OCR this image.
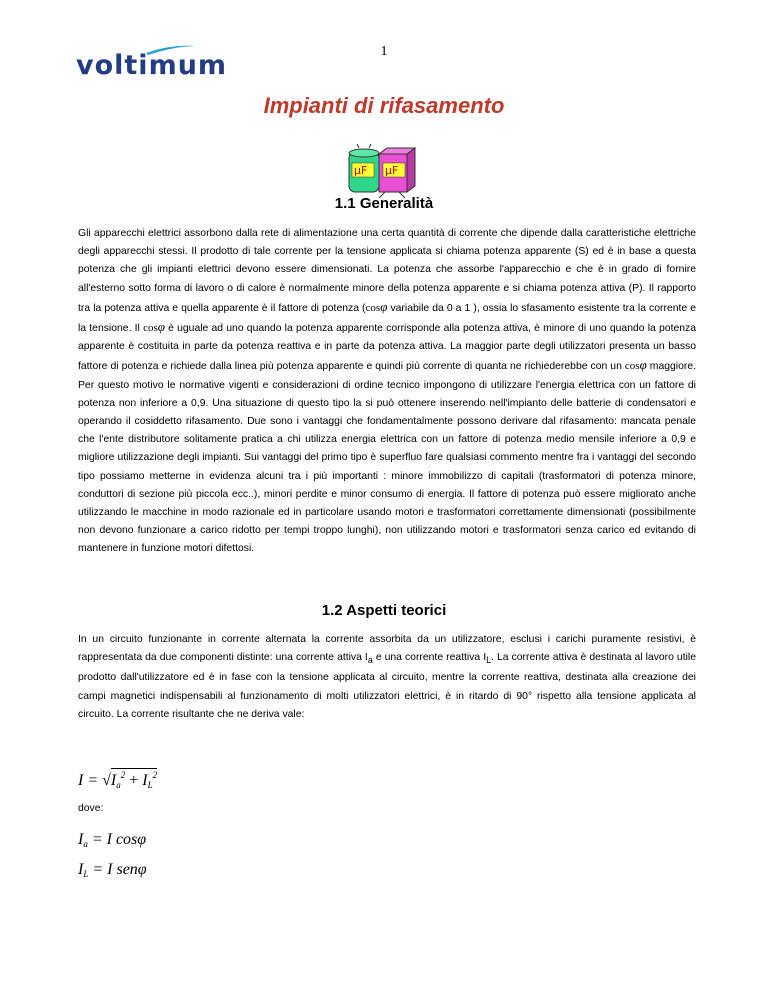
1
voltimum
Impianti di rifasamento
µF µF
1.1 Generalità

Gli apparecchi elettrici assorbono dalla rete di alimentazione una certa quantità di corrente che dipende dalla caratteristiche elettriche degli apparecchi stessi. Il prodotto di tale corrente per la tensione applicata si chiama potenza apparente (S) ed è in base a questa potenza che gli impianti elettrici devono essere dimensionati. La potenza che assorbe l'apparecchio e che è in grado di fornire all'esterno sotto forma di lavoro o di calore è normalmente minore della potenza apparente e si chiama potenza attiva (P). Il rapporto tra la potenza attiva e quella apparente è il fattore di potenza (cosφ variabile da 0 a 1 ), ossia lo sfasamento esistente tra la corrente e la tensione. Il cosφ è uguale ad uno quando la potenza apparente corrisponde alla potenza attiva, è minore di uno quando la potenza apparente è costituita in parte da potenza reattiva e in parte da potenza attiva. La maggior parte degli utilizzatori presenta un basso fattore di potenza e richiede dalla linea più potenza apparente e quindi più corrente di quanta ne richiederebbe con un cosφ maggiore. Per questo motivo le normative vigenti e considerazioni di ordine tecnico impongono di utilizzare l'energia elettrica con un fattore di potenza non inferiore a 0,9. Una situazione di questo tipo la si può ottenere inserendo nell'impianto delle batterie di condensatori e operando il cosiddetto rifasamento. Due sono i vantaggi che fondamentalmente possono derivare dal rifasamento: mancata penale che l'ente distributore solitamente pratica a chi utilizza energia elettrica con un fattore di potenza medio mensile inferiore a 0,9 e migliore utilizzazione degli impianti. Sui vantaggi del primo tipo è superfluo fare qualsiasi commento mentre fra i vantaggi del secondo tipo possiamo metterne in evidenza alcuni tra i più importanti : minore immobilizzo di capitali (trasformatori di potenza minore, conduttori di sezione più piccola ecc..), minori perdite e minor consumo di energia. Il fattore di potenza può essere migliorato anche utilizzando le macchine in modo razionale ed in particolare usando motori e trasformatori correttamente dimensionati (possibilmente non devono funzionare a carico ridotto per tempi troppo lunghi), non utilizzando motori e trasformatori senza carico ed evitando di mantenere in funzione motori difettosi.

1.2 Aspetti teorici

In un circuito funzionante in corrente alternata la corrente assorbita da un utilizzatore, esclusi i carichi puramente resistivi, è rappresentata da due componenti distinte: una corrente attiva $I_a$ e una corrente reattiva $I_L$. La corrente attiva è destinata al lavoro utile prodotto dall'utilizzatore ed è in fase con la tensione applicata al circuito, mentre la corrente reattiva, destinata alla creazione dei campi magnetici indispensabili al funzionamento di molti utilizzatori elettrici, è in ritardo di 90° rispetto alla tensione applicata al circuito. La corrente risultante che ne deriva vale:

$I = √I_a^2 + I_L^2$
dove:
$I_a = I$ cosφ
$I_L = I$ senφ
